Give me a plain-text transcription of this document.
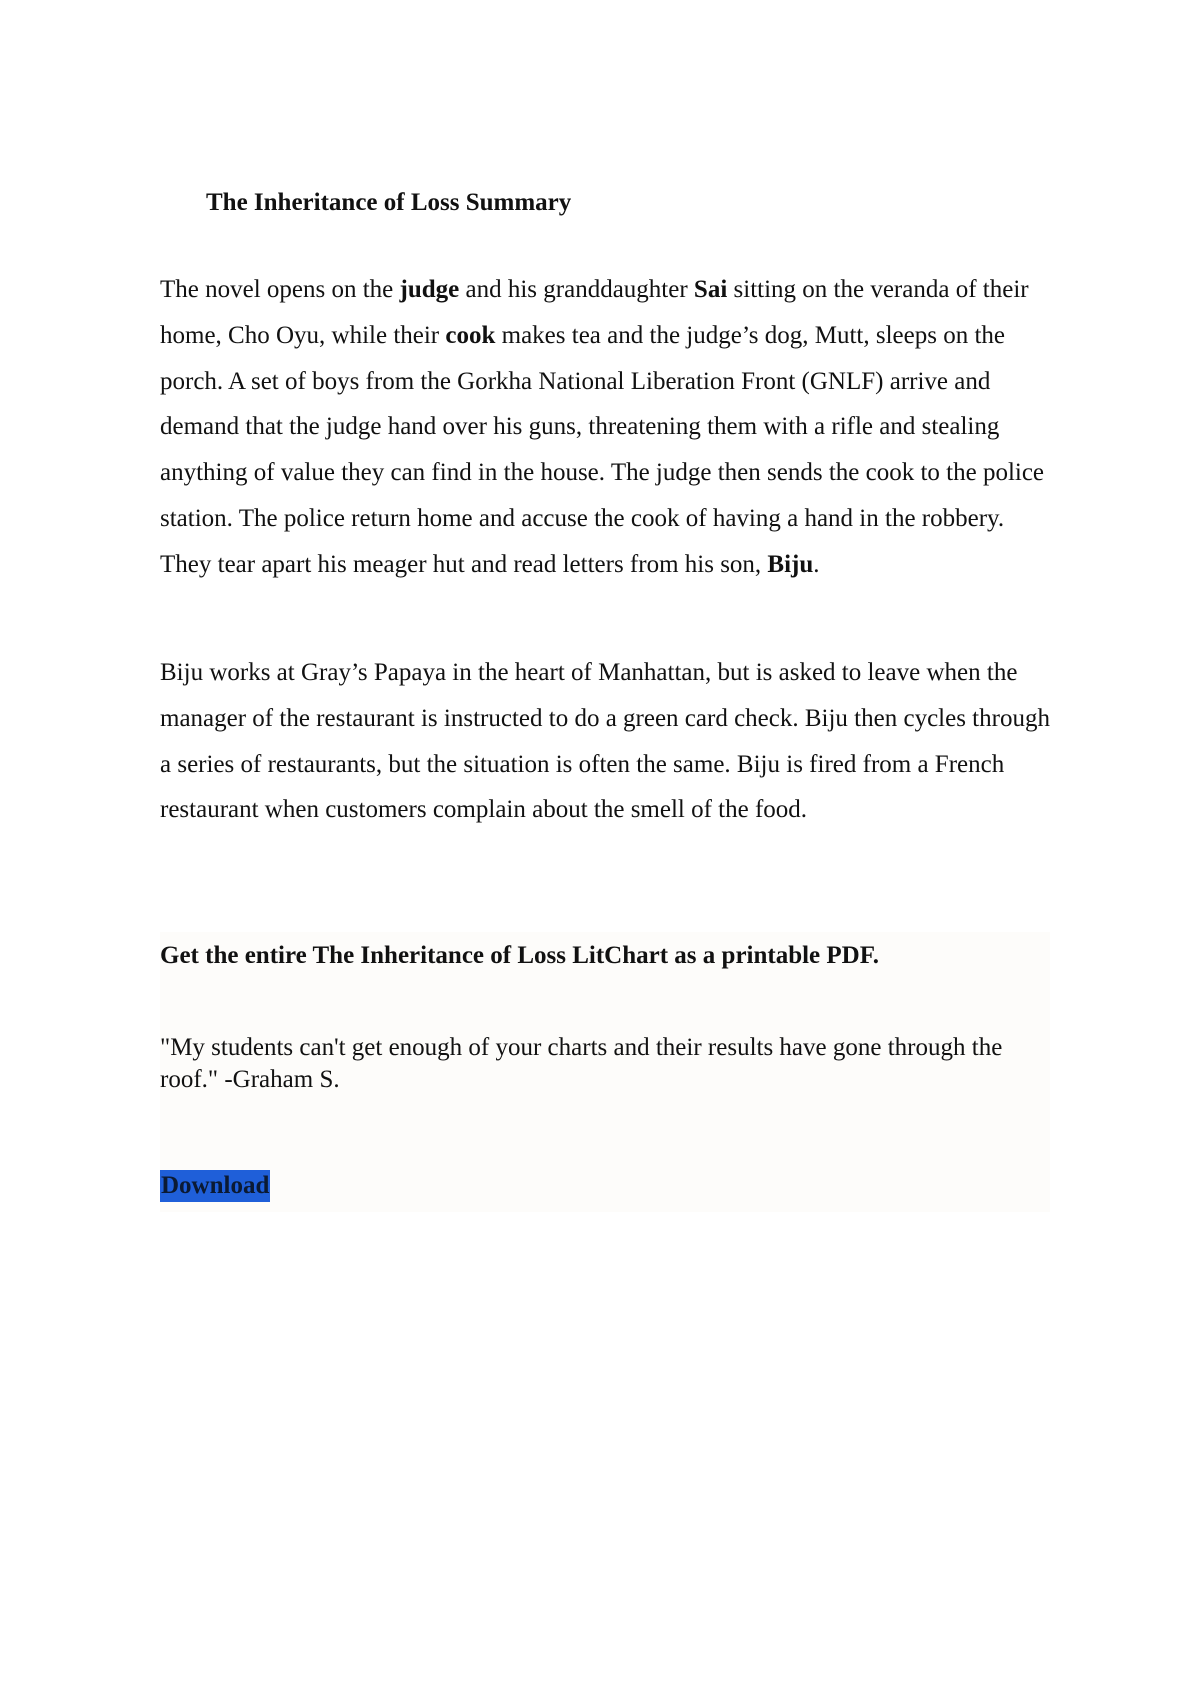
The Inheritance of Loss Summary
The novel opens on the judge and his granddaughter Sai sitting on the veranda of their home, Cho Oyu, while their cook makes tea and the judge’s dog, Mutt, sleeps on the porch. A set of boys from the Gorkha National Liberation Front (GNLF) arrive and demand that the judge hand over his guns, threatening them with a rifle and stealing anything of value they can find in the house. The judge then sends the cook to the police station. The police return home and accuse the cook of having a hand in the robbery. They tear apart his meager hut and read letters from his son, Biju.
Biju works at Gray’s Papaya in the heart of Manhattan, but is asked to leave when the manager of the restaurant is instructed to do a green card check. Biju then cycles through a series of restaurants, but the situation is often the same. Biju is fired from a French restaurant when customers complain about the smell of the food.
Get the entire The Inheritance of Loss LitChart as a printable PDF.
"My students can't get enough of your charts and their results have gone through the roof." -Graham S.
Download
